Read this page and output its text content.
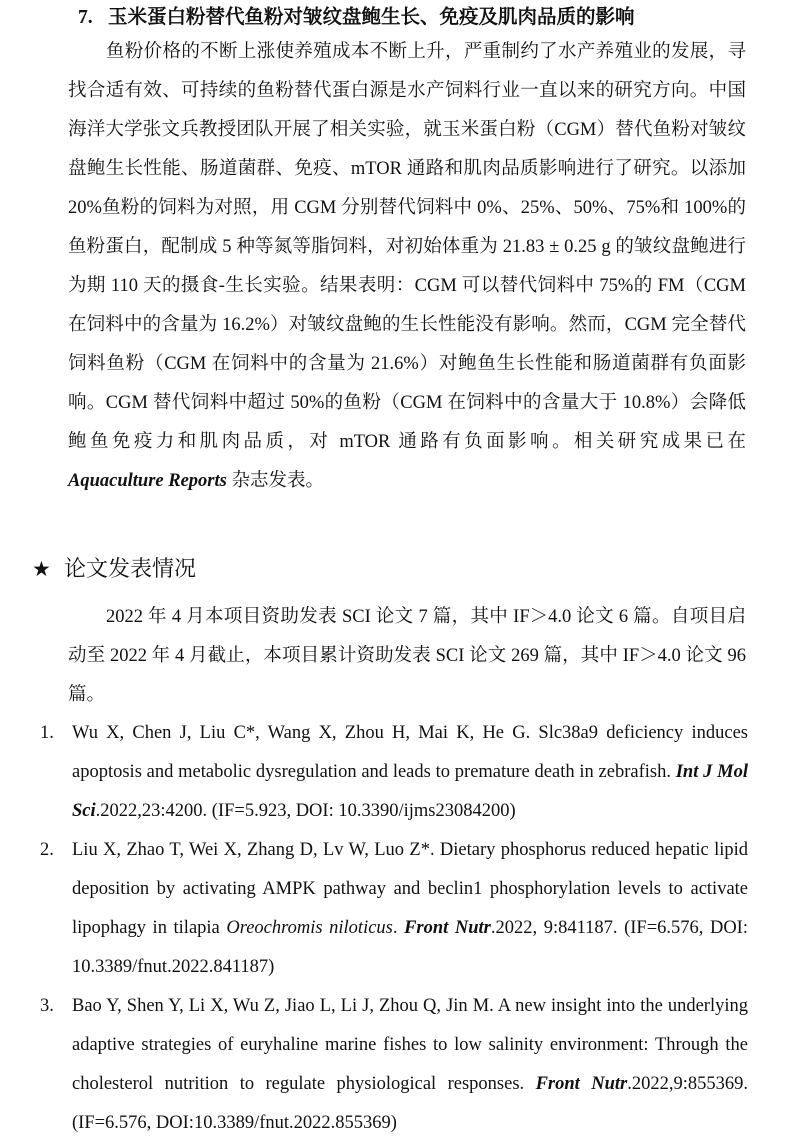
7. 玉米蛋白粉替代鱼粉对皱纹盘鲍生长、免疫及肌肉品质的影响

鱼粉价格的不断上涨使养殖成本不断上升，严重制约了水产养殖业的发展，寻找合适有效、可持续的鱼粉替代蛋白源是水产饲料行业一直以来的研究方向。中国海洋大学张文兵教授团队开展了相关实验，就玉米蛋白粉（CGM）替代鱼粉对皱纹盘鲍生长性能、肠道菌群、免疫、mTOR 通路和肌肉品质影响进行了研究。以添加 20%鱼粉的饲料为对照，用 CGM 分别替代饲料中 0%、25%、50%、75%和 100%的鱼粉蛋白，配制成 5 种等氮等脂饲料，对初始体重为 21.83 ± 0.25 g 的皱纹盘鲍进行为期 110 天的摄食-生长实验。结果表明：CGM 可以替代饲料中 75%的 FM（CGM 在饲料中的含量为 16.2%）对皱纹盘鲍的生长性能没有影响。然而，CGM 完全替代饲料鱼粉（CGM 在饲料中的含量为 21.6%）对鲍鱼生长性能和肠道菌群有负面影响。CGM 替代饲料中超过 50%的鱼粉（CGM 在饲料中的含量大于 10.8%）会降低鲍鱼免疫力和肌肉品质，对 mTOR 通路有负面影响。相关研究成果已在 Aquaculture Reports 杂志发表。

★ 论文发表情况

2022 年 4 月本项目资助发表 SCI 论文 7 篇，其中 IF＞4.0 论文 6 篇。自项目启动至 2022 年 4 月截止，本项目累计资助发表 SCI 论文 269 篇，其中 IF＞4.0 论文 96 篇。

1. Wu X, Chen J, Liu C*, Wang X, Zhou H, Mai K, He G. Slc38a9 deficiency induces apoptosis and metabolic dysregulation and leads to premature death in zebrafish. Int J Mol Sci.2022,23:4200. (IF=5.923, DOI: 10.3390/ijms23084200)
2. Liu X, Zhao T, Wei X, Zhang D, Lv W, Luo Z*. Dietary phosphorus reduced hepatic lipid deposition by activating AMPK pathway and beclin1 phosphorylation levels to activate lipophagy in tilapia Oreochromis niloticus. Front Nutr.2022, 9:841187. (IF=6.576, DOI: 10.3389/fnut.2022.841187)
3. Bao Y, Shen Y, Li X, Wu Z, Jiao L, Li J, Zhou Q, Jin M. A new insight into the underlying adaptive strategies of euryhaline marine fishes to low salinity environment: Through the cholesterol nutrition to regulate physiological responses. Front Nutr.2022,9:855369. (IF=6.576, DOI:10.3389/fnut.2022.855369)
